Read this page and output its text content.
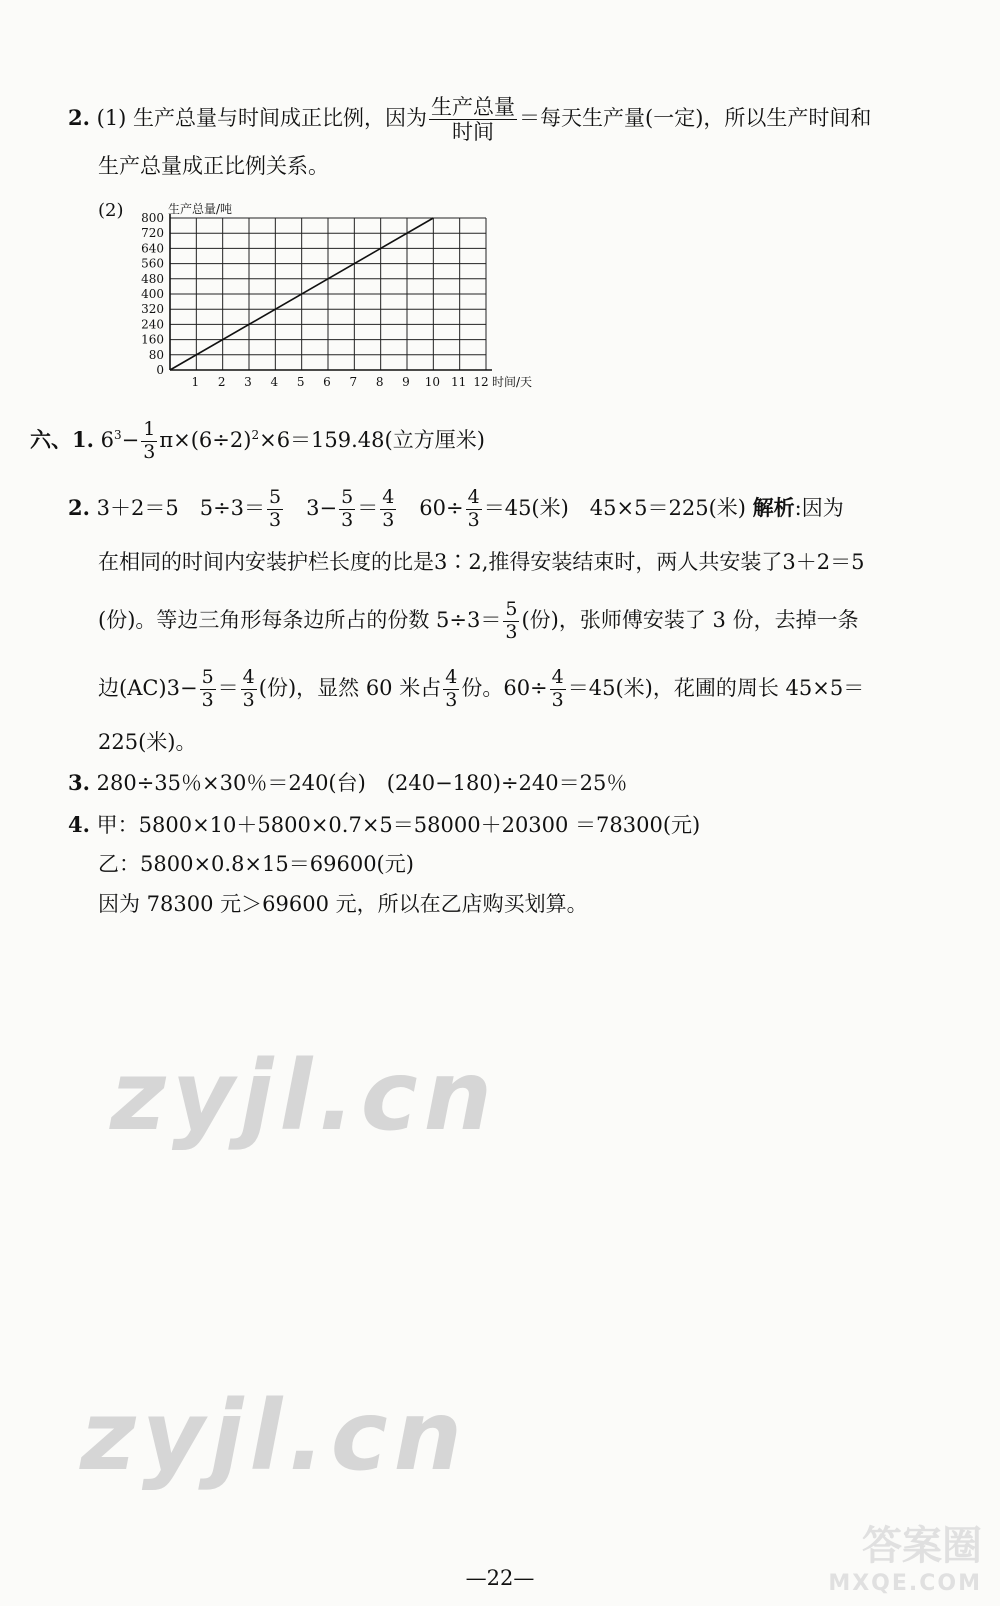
2. (1) 生产总量与时间成正比例，因为 $\frac{\text{生产总量}}{\text{时间}}$ ＝每天生产量(一定)，所以生产时间和
生产总量成正比例关系。
(2)
0
80
160
240
320
400
480
560
640
720
800
1 2 3 4 5 6 7 8 9 10 11 12
生产总量/吨
时间/天
六、1. $6^3- \frac{1}{3} \pi\times(6\div 2)^2\times 6=159.48$(立方厘米)
2. 3＋2＝5　$5\div 3= \frac{5}{3}$ 　$3- \frac{5}{3} = \frac{4}{3}$ 　$60\div \frac{4}{3} =45$(米)　45×5＝225(米) 解析:因为
在相同的时间内安装护栏长度的比是3∶2,推得安装结束时，两人共安装了3＋2＝5
(份)。等边三角形每条边所占的份数 $5\div 3= \frac{5}{3}$ (份)，张师傅安装了 3 份，去掉一条
边$(AC)3- \frac{5}{3} = \frac{4}{3}$ (份)，显然 60 米占 $\frac{4}{3}$ 份。$60\div \frac{4}{3} =45$(米)，花圃的周长 45×5＝
225(米)。
3. 280÷35％×30％＝240(台)　(240−180)÷240＝25％
4. 甲：5800×10＋5800×0.7×5＝58000＋20300 ＝78300(元)
乙：5800×0.8×15＝69600(元)
因为 78300 元＞69600 元，所以在乙店购买划算。
zyjl.cn
zyjl.cn
答案圈
MXQE.COM
—22—
